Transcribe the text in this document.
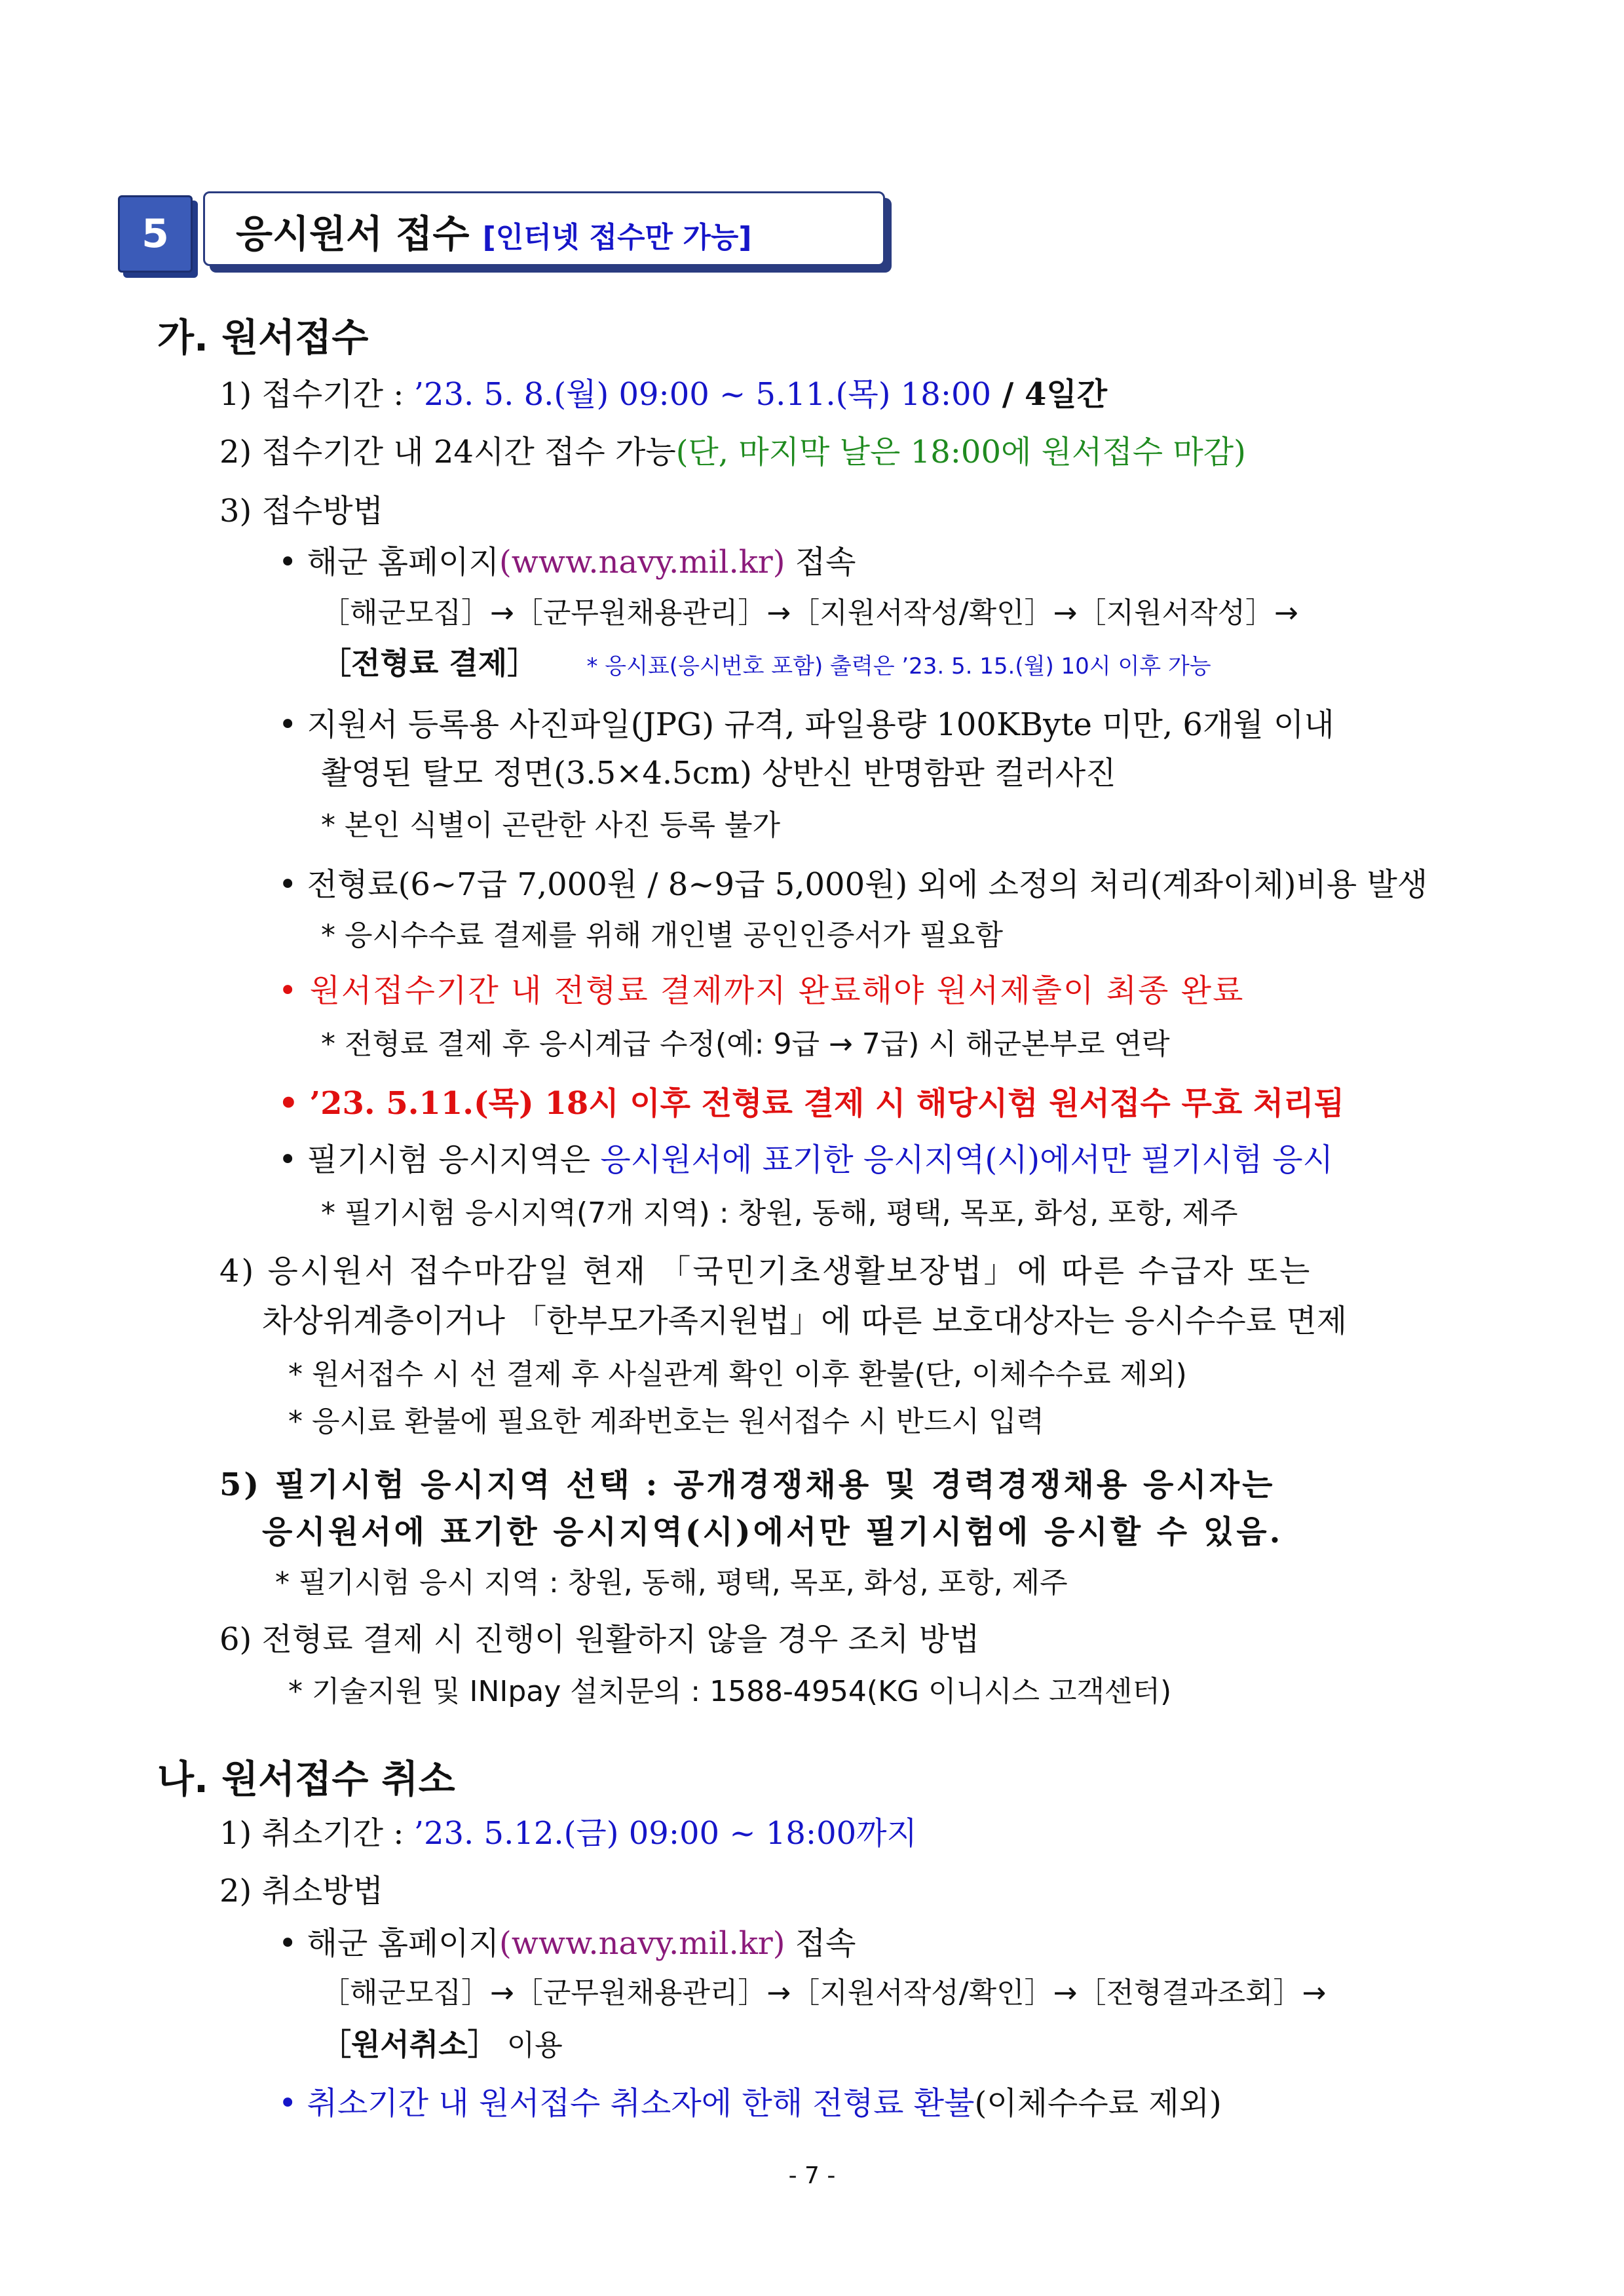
5 응시원서 접수 [인터넷 접수만 가능]
가. 원서접수
1) 접수기간 : ’23. 5. 8.(월) 09:00 ~ 5.11.(목) 18:00 / 4일간
2) 접수기간 내 24시간 접수 가능(단, 마지막 날은 18:00에 원서접수 마감)
3) 접수방법
• 해군 홈페이지(www.navy.mil.kr) 접속
［해군모집］→［군무원채용관리］→［지원서작성/확인］→［지원서작성］→
［전형료 결제］ * 응시표(응시번호 포함) 출력은 ’23. 5. 15.(월) 10시 이후 가능
• 지원서 등록용 사진파일(JPG) 규격, 파일용량 100KByte 미만, 6개월 이내
촬영된 탈모 정면(3.5×4.5cm) 상반신 반명함판 컬러사진
* 본인 식별이 곤란한 사진 등록 불가
• 전형료(6~7급 7,000원 / 8~9급 5,000원) 외에 소정의 처리(계좌이체)비용 발생
* 응시수수료 결제를 위해 개인별 공인인증서가 필요함
• 원서접수기간 내 전형료 결제까지 완료해야 원서제출이 최종 완료
* 전형료 결제 후 응시계급 수정(예: 9급 → 7급) 시 해군본부로 연락
• ’23. 5.11.(목) 18시 이후 전형료 결제 시 해당시험 원서접수 무효 처리됨
• 필기시험 응시지역은 응시원서에 표기한 응시지역(시)에서만 필기시험 응시
* 필기시험 응시지역(7개 지역) : 창원, 동해, 평택, 목포, 화성, 포항, 제주
4) 응시원서 접수마감일 현재 「국민기초생활보장법」에 따른 수급자 또는
차상위계층이거나 「한부모가족지원법」에 따른 보호대상자는 응시수수료 면제
* 원서접수 시 선 결제 후 사실관계 확인 이후 환불(단, 이체수수료 제외)
* 응시료 환불에 필요한 계좌번호는 원서접수 시 반드시 입력
5) 필기시험 응시지역 선택 : 공개경쟁채용 및 경력경쟁채용 응시자는
응시원서에 표기한 응시지역(시)에서만 필기시험에 응시할 수 있음.
* 필기시험 응시 지역 : 창원, 동해, 평택, 목포, 화성, 포항, 제주
6) 전형료 결제 시 진행이 원활하지 않을 경우 조치 방법
* 기술지원 및 INIpay 설치문의 : 1588-4954(KG 이니시스 고객센터)
나. 원서접수 취소
1) 취소기간 : ’23. 5.12.(금) 09:00 ~ 18:00까지
2) 취소방법
• 해군 홈페이지(www.navy.mil.kr) 접속
［해군모집］→［군무원채용관리］→［지원서작성/확인］→［전형결과조회］→
［원서취소］ 이용
• 취소기간 내 원서접수 취소자에 한해 전형료 환불(이체수수료 제외)
- 7 -
